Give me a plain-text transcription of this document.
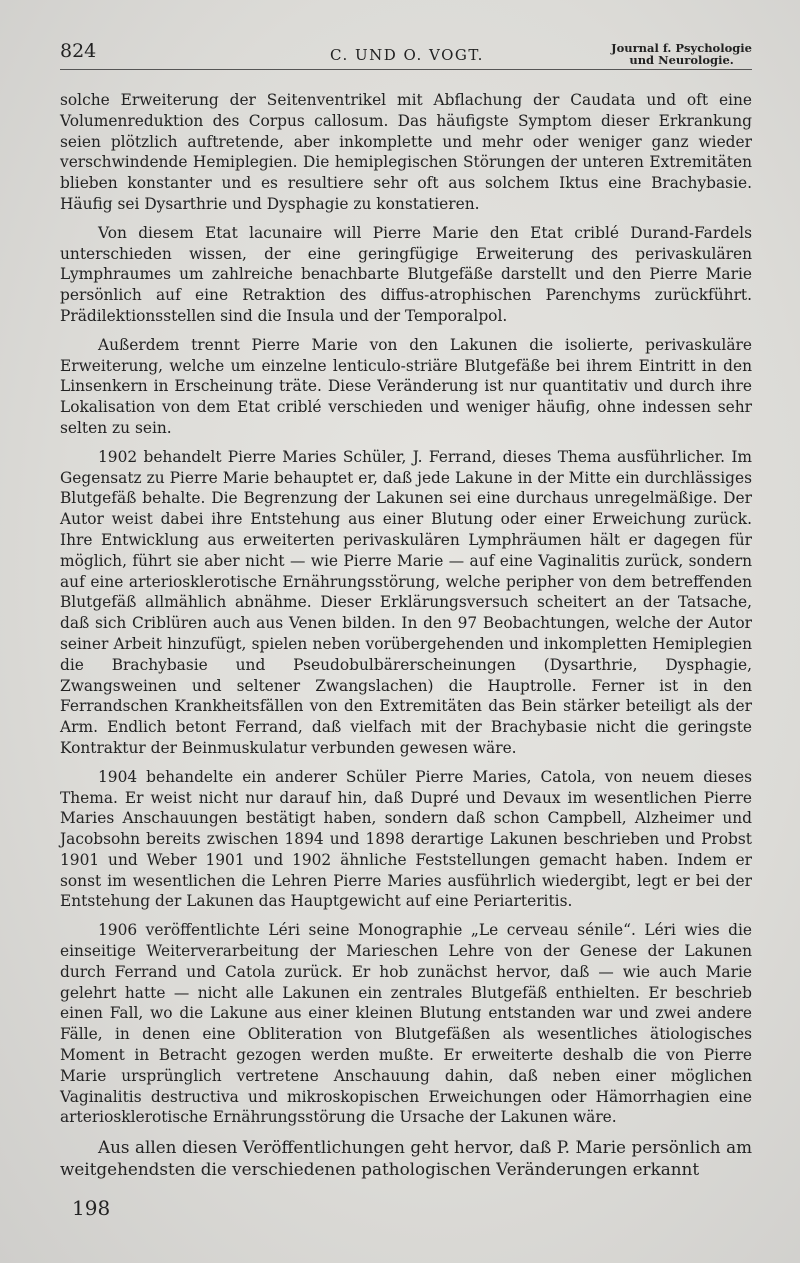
824	C. UND O. VOGT.	Journal f. Psychologie
und Neurologie.

solche Erweiterung der Seitenventrikel mit Abflachung der Caudata und oft eine Volumenreduktion des Corpus callosum. Das häufigste Symptom dieser Erkrankung seien plötzlich auftretende, aber inkomplette und mehr oder weniger ganz wieder verschwindende Hemiplegien. Die hemiplegischen Störungen der unteren Extremitäten blieben konstanter und es resultiere sehr oft aus solchem Iktus eine Brachybasie. Häufig sei Dysarthrie und Dysphagie zu konstatieren.

Von diesem Etat lacunaire will Pierre Marie den Etat criblé Durand-Fardels unterschieden wissen, der eine geringfügige Erweiterung des perivaskulären Lymphraumes um zahlreiche benachbarte Blutgefäße darstellt und den Pierre Marie persönlich auf eine Retraktion des diffus-atrophischen Parenchyms zurückführt. Prädilektionsstellen sind die Insula und der Temporalpol.

Außerdem trennt Pierre Marie von den Lakunen die isolierte, perivaskuläre Erweiterung, welche um einzelne lenticulo-striäre Blutgefäße bei ihrem Eintritt in den Linsenkern in Erscheinung träte. Diese Veränderung ist nur quantitativ und durch ihre Lokalisation von dem Etat criblé verschieden und weniger häufig, ohne indessen sehr selten zu sein.

1902 behandelt Pierre Maries Schüler, J. Ferrand, dieses Thema ausführlicher. Im Gegensatz zu Pierre Marie behauptet er, daß jede Lakune in der Mitte ein durchlässiges Blutgefäß behalte. Die Begrenzung der Lakunen sei eine durchaus unregelmäßige. Der Autor weist dabei ihre Entstehung aus einer Blutung oder einer Erweichung zurück. Ihre Entwicklung aus erweiterten perivaskulären Lymphräumen hält er dagegen für möglich, führt sie aber nicht — wie Pierre Marie — auf eine Vaginalitis zurück, sondern auf eine arteriosklerotische Ernährungsstörung, welche peripher von dem betreffenden Blutgefäß allmählich abnähme. Dieser Erklärungsversuch scheitert an der Tatsache, daß sich Criblüren auch aus Venen bilden. In den 97 Beobachtungen, welche der Autor seiner Arbeit hinzufügt, spielen neben vorübergehenden und inkompletten Hemiplegien die Brachybasie und Pseudobulbärerscheinungen (Dysarthrie, Dysphagie, Zwangsweinen und seltener Zwangslachen) die Hauptrolle. Ferner ist in den Ferrandschen Krankheitsfällen von den Extremitäten das Bein stärker beteiligt als der Arm. Endlich betont Ferrand, daß vielfach mit der Brachybasie nicht die geringste Kontraktur der Beinmuskulatur verbunden gewesen wäre.

1904 behandelte ein anderer Schüler Pierre Maries, Catola, von neuem dieses Thema. Er weist nicht nur darauf hin, daß Dupré und Devaux im wesentlichen Pierre Maries Anschauungen bestätigt haben, sondern daß schon Campbell, Alzheimer und Jacobsohn bereits zwischen 1894 und 1898 derartige Lakunen beschrieben und Probst 1901 und Weber 1901 und 1902 ähnliche Feststellungen gemacht haben. Indem er sonst im wesentlichen die Lehren Pierre Maries ausführlich wiedergibt, legt er bei der Entstehung der Lakunen das Hauptgewicht auf eine Periarteritis.

1906 veröffentlichte Léri seine Monographie „Le cerveau sénile“. Léri wies die einseitige Weiterverarbeitung der Marieschen Lehre von der Genese der Lakunen durch Ferrand und Catola zurück. Er hob zunächst hervor, daß — wie auch Marie gelehrt hatte — nicht alle Lakunen ein zentrales Blutgefäß enthielten. Er beschrieb einen Fall, wo die Lakune aus einer kleinen Blutung entstanden war und zwei andere Fälle, in denen eine Obliteration von Blutgefäßen als wesentliches ätiologisches Moment in Betracht gezogen werden mußte. Er erweiterte deshalb die von Pierre Marie ursprünglich vertretene Anschauung dahin, daß neben einer möglichen Vaginalitis destructiva und mikroskopischen Erweichungen oder Hämorrhagien eine arteriosklerotische Ernährungsstörung die Ursache der Lakunen wäre.

Aus allen diesen Veröffentlichungen geht hervor, daß P. Marie persönlich am weitgehendsten die verschiedenen pathologischen Veränderungen erkannt

198
